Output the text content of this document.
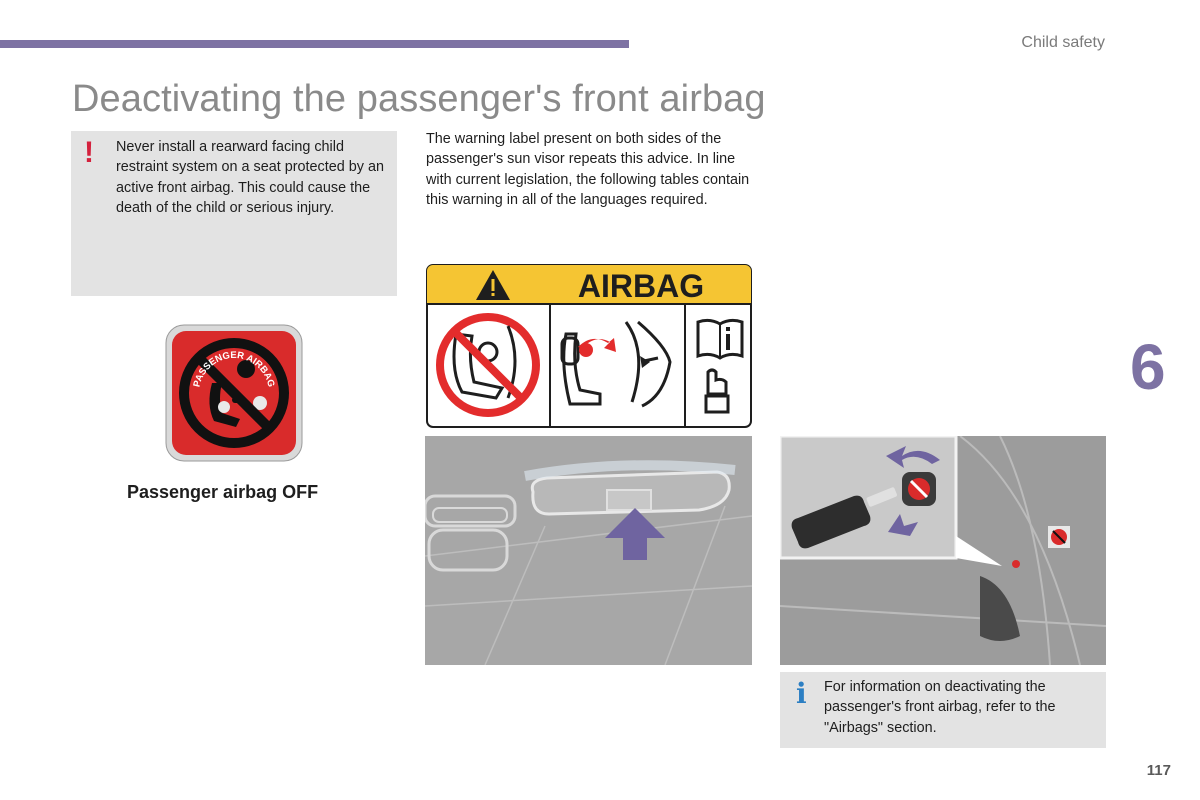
Child safety
Deactivating the passenger's front airbag
! Never install a rearward facing child restraint system on a seat protected by an active front airbag. This could cause the death of the child or serious injury.
The warning label present on both sides of the passenger's sun visor repeats this advice. In line with current legislation, the following tables contain this warning in all of the languages required.
6
PASSENGER AIRBAG
Passenger airbag OFF
AIRBAG
i For information on deactivating the passenger's front airbag, refer to the "Airbags" section.
117
